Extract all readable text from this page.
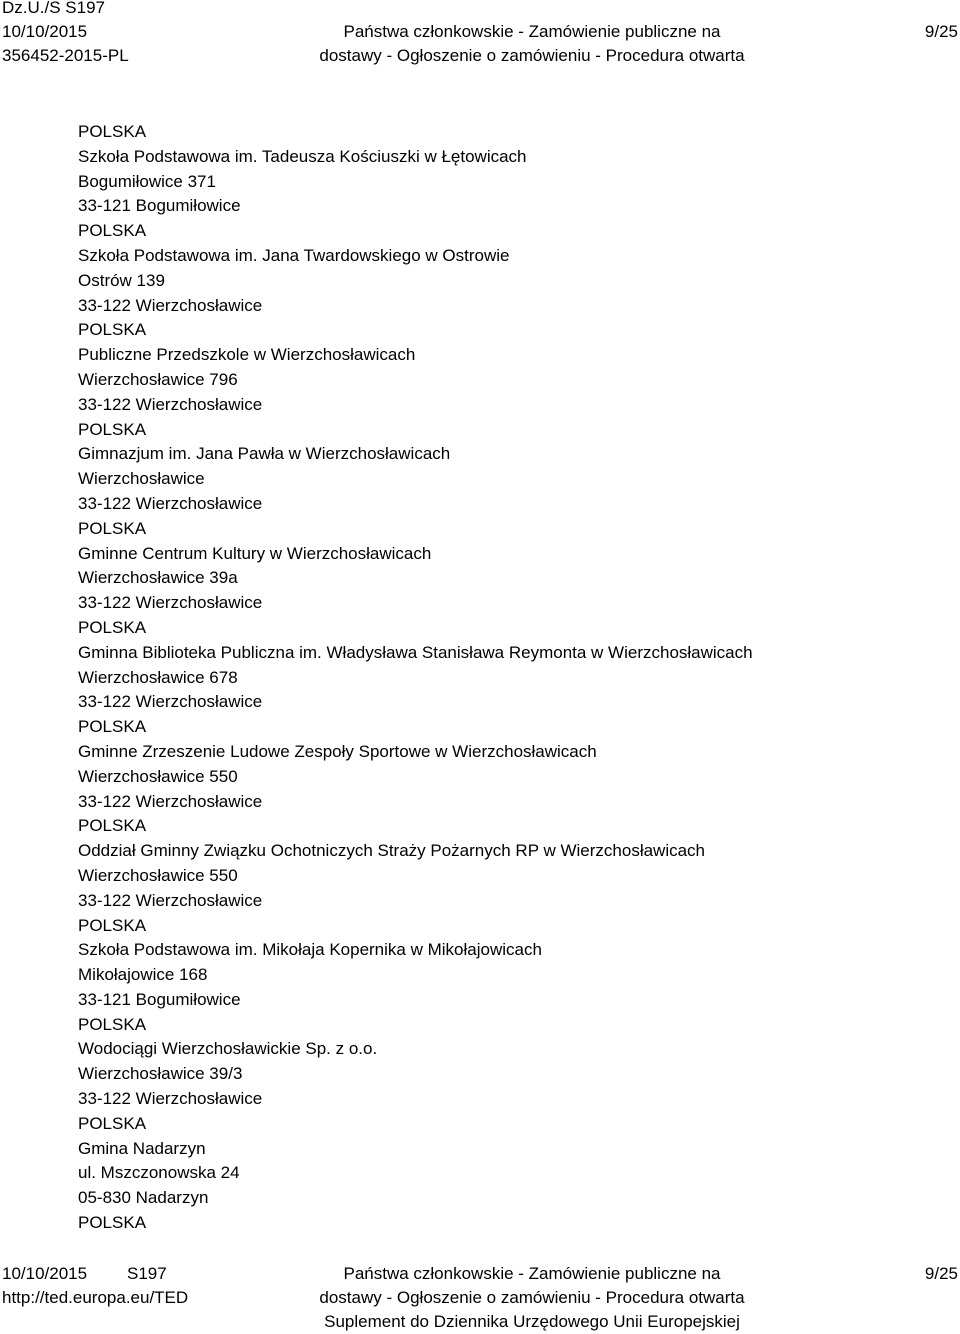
Dz.U./S S197
10/10/2015
356452-2015-PL
Państwa członkowskie - Zamówienie publiczne na
dostawy - Ogłoszenie o zamówieniu - Procedura otwarta
9/25
POLSKA
Szkoła Podstawowa im. Tadeusza Kościuszki w Łętowicach
Bogumiłowice 371
33-121 Bogumiłowice
POLSKA
Szkoła Podstawowa im. Jana Twardowskiego w Ostrowie
Ostrów 139
33-122 Wierzchosławice
POLSKA
Publiczne Przedszkole w Wierzchosławicach
Wierzchosławice 796
33-122 Wierzchosławice
POLSKA
Gimnazjum im. Jana Pawła w Wierzchosławicach
Wierzchosławice
33-122 Wierzchosławice
POLSKA
Gminne Centrum Kultury w Wierzchosławicach
Wierzchosławice 39a
33-122 Wierzchosławice
POLSKA
Gminna Biblioteka Publiczna im. Władysława Stanisława Reymonta w Wierzchosławicach
Wierzchosławice 678
33-122 Wierzchosławice
POLSKA
Gminne Zrzeszenie Ludowe Zespoły Sportowe w Wierzchosławicach
Wierzchosławice 550
33-122 Wierzchosławice
POLSKA
Oddział Gminny Związku Ochotniczych Straży Pożarnych RP w Wierzchosławicach
Wierzchosławice 550
33-122 Wierzchosławice
POLSKA
Szkoła Podstawowa im. Mikołaja Kopernika w Mikołajowicach
Mikołajowice 168
33-121 Bogumiłowice
POLSKA
Wodociągi Wierzchosławickie Sp. z o.o.
Wierzchosławice 39/3
33-122 Wierzchosławice
POLSKA
Gmina Nadarzyn
ul. Mszczonowska 24
05-830 Nadarzyn
POLSKA
10/10/2015 S197
http://ted.europa.eu/TED
Państwa członkowskie - Zamówienie publiczne na
dostawy - Ogłoszenie o zamówieniu - Procedura otwarta
Suplement do Dziennika Urzędowego Unii Europejskiej
9/25
